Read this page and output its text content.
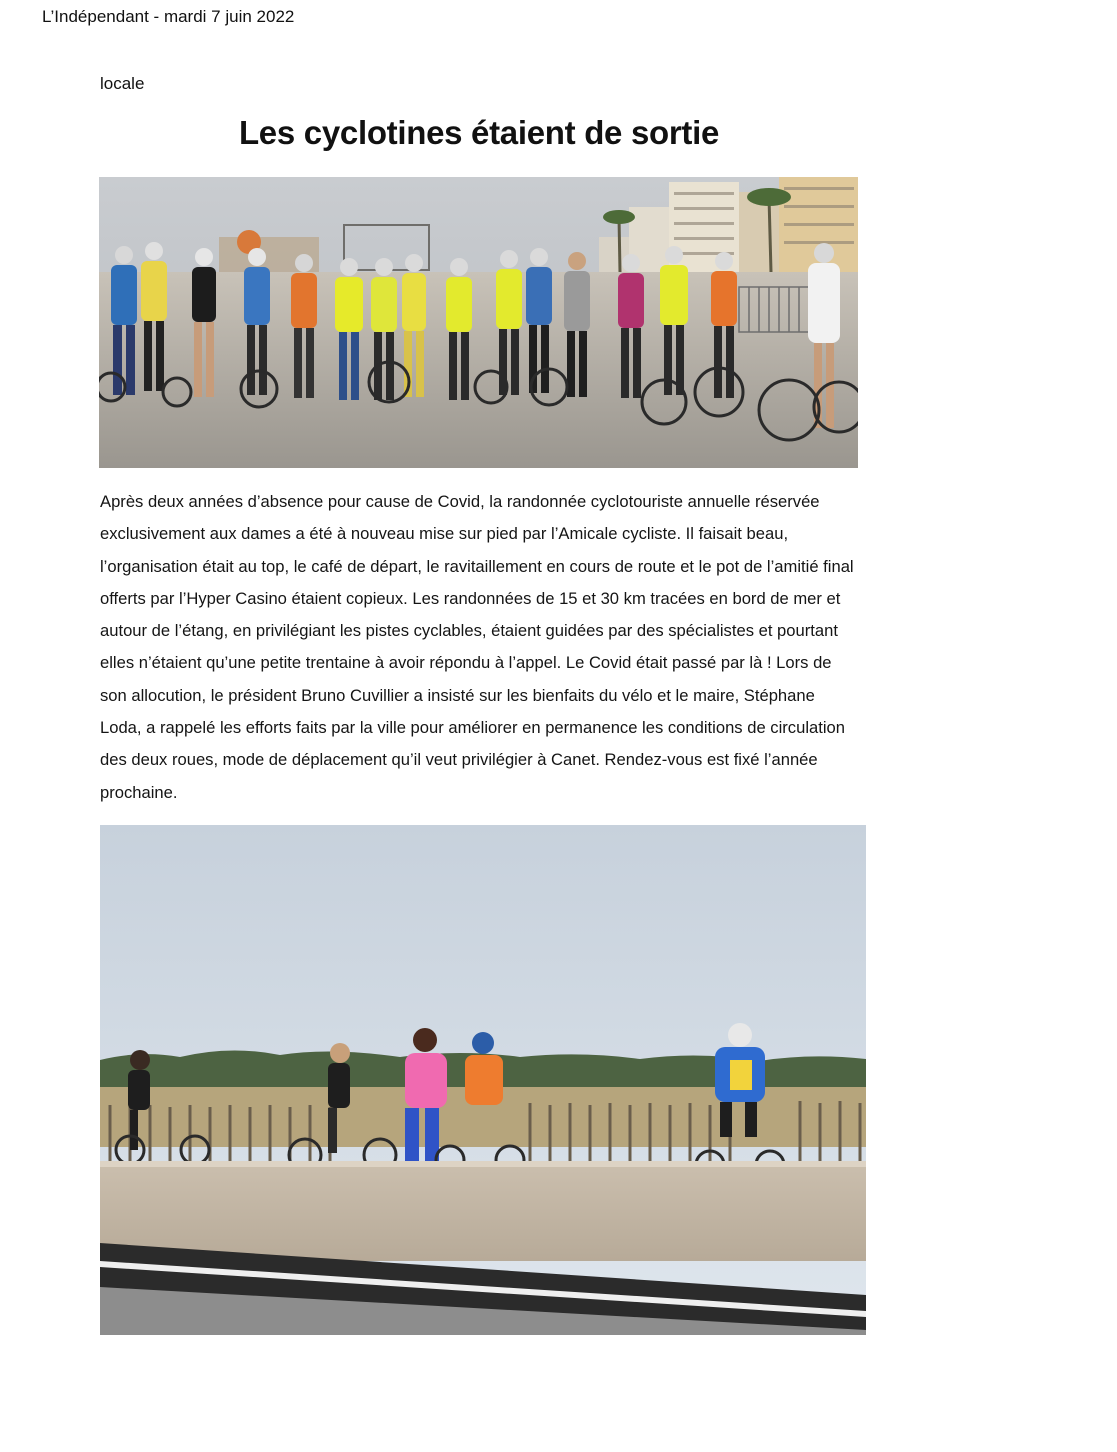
L’Indépendant - mardi 7 juin 2022
locale
Les cyclotines étaient de sortie

Après deux années d’absence pour cause de Covid, la randonnée cyclotouriste annuelle réservée exclusivement aux dames a été à nouveau mise sur pied par l’Amicale cycliste. Il faisait beau, l’organisation était au top, le café de départ, le ravitaillement en cours de route et le pot de l’amitié final offerts par l’Hyper Casino étaient copieux. Les randonnées de 15 et 30 km tracées en bord de mer et autour de l’étang, en privilégiant les pistes cyclables, étaient guidées par des spécialistes et pourtant elles n’étaient qu’une petite trentaine à avoir répondu à l’appel. Le Covid était passé par là ! Lors de son allocution, le président Bruno Cuvillier a insisté sur les bienfaits du vélo et le maire, Stéphane Loda, a rappelé les efforts faits par la ville pour améliorer en permanence les conditions de circulation des deux roues, mode de déplacement qu’il veut privilégier à Canet. Rendez-vous est fixé l’année prochaine.
